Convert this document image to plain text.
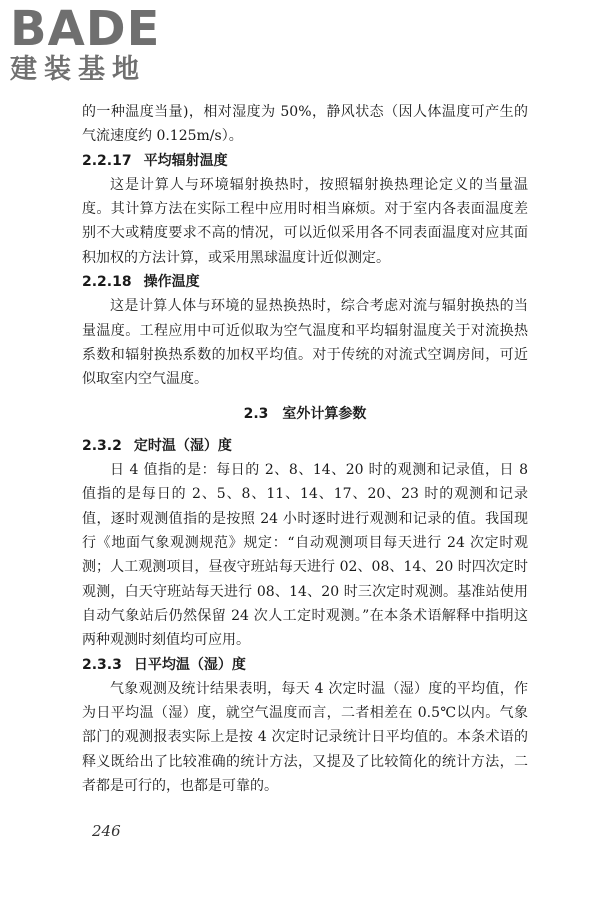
BADE
建装基地

的一种温度当量)，相对湿度为 50%，静风状态（因人体温度可产生的气流速度约 0.125m/s）。

2.2.17 平均辐射温度

这是计算人与环境辐射换热时，按照辐射换热理论定义的当量温度。其计算方法在实际工程中应用时相当麻烦。对于室内各表面温度差别不大或精度要求不高的情况，可以近似采用各不同表面温度对应其面积加权的方法计算，或采用黑球温度计近似测定。

2.2.18 操作温度

这是计算人体与环境的显热换热时，综合考虑对流与辐射换热的当量温度。工程应用中可近似取为空气温度和平均辐射温度关于对流换热系数和辐射换热系数的加权平均值。对于传统的对流式空调房间，可近似取室内空气温度。

2.3 室外计算参数
2.3.2 定时温（湿）度

日 4 值指的是：每日的 2、8、14、20 时的观测和记录值，日 8 值指的是每日的 2、5、8、11、14、17、20、23 时的观测和记录值，逐时观测值指的是按照 24 小时逐时进行观测和记录的值。我国现行《地面气象观测规范》规定：“自动观测项目每天进行 24 次定时观测；人工观测项目，昼夜守班站每天进行 02、08、14、20 时四次定时观测，白天守班站每天进行 08、14、20 时三次定时观测。基准站使用自动气象站后仍然保留 24 次人工定时观测。”在本条术语解释中指明这两种观测时刻值均可应用。

2.3.3 日平均温（湿）度

气象观测及统计结果表明，每天 4 次定时温（湿）度的平均值，作为日平均温（湿）度，就空气温度而言，二者相差在 0.5℃以内。气象部门的观测报表实际上是按 4 次定时记录统计日平均值的。本条术语的释义既给出了比较准确的统计方法，又提及了比较简化的统计方法，二者都是可行的，也都是可靠的。

246
